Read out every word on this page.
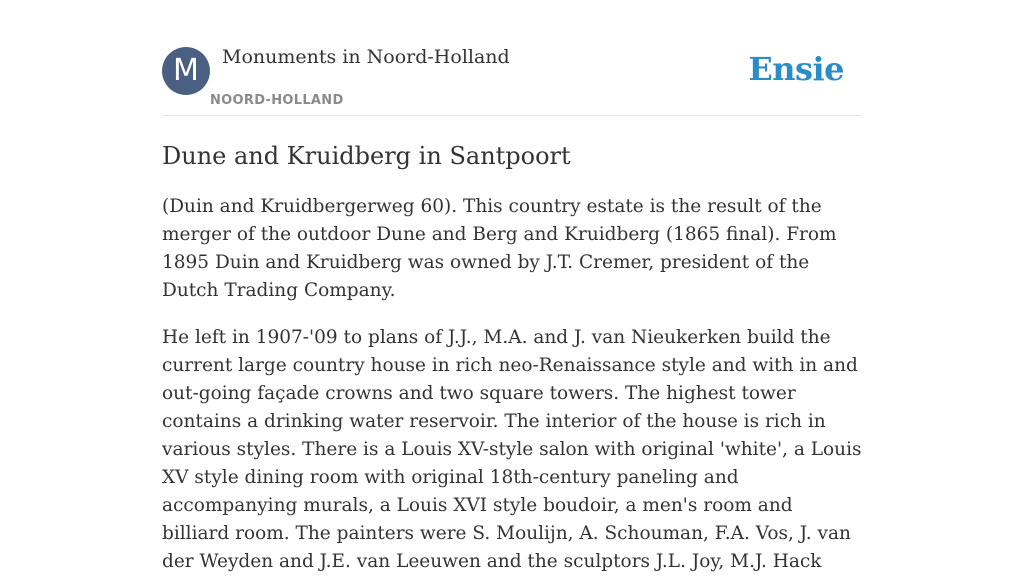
M	Monuments in Noord-Holland
NOORD-HOLLAND
Ensie
Dune and Kruidberg in Santpoort

(Duin and Kruidbergerweg 60). This country estate is the result of the merger of the outdoor Dune and Berg and Kruidberg (1865 final). From 1895 Duin and Kruidberg was owned by J.T. Cremer, president of the Dutch Trading Company.

He left in 1907-'09 to plans of J.J., M.A. and J. van Nieukerken build the current large country house in rich neo-Renaissance style and with in and out-going façade crowns and two square towers. The highest tower contains a drinking water reservoir. The interior of the house is rich in various styles. There is a Louis XV-style salon with original 'white', a Louis XV style dining room with original 18th-century paneling and accompanying murals, a Louis XVI style boudoir, a men's room and billiard room. The painters were S. Moulijn, A. Schouman, F.A. Vos, J. van der Weyden and J.E. van Leeuwen and the sculptors J.L. Joy, M.J. Hack
